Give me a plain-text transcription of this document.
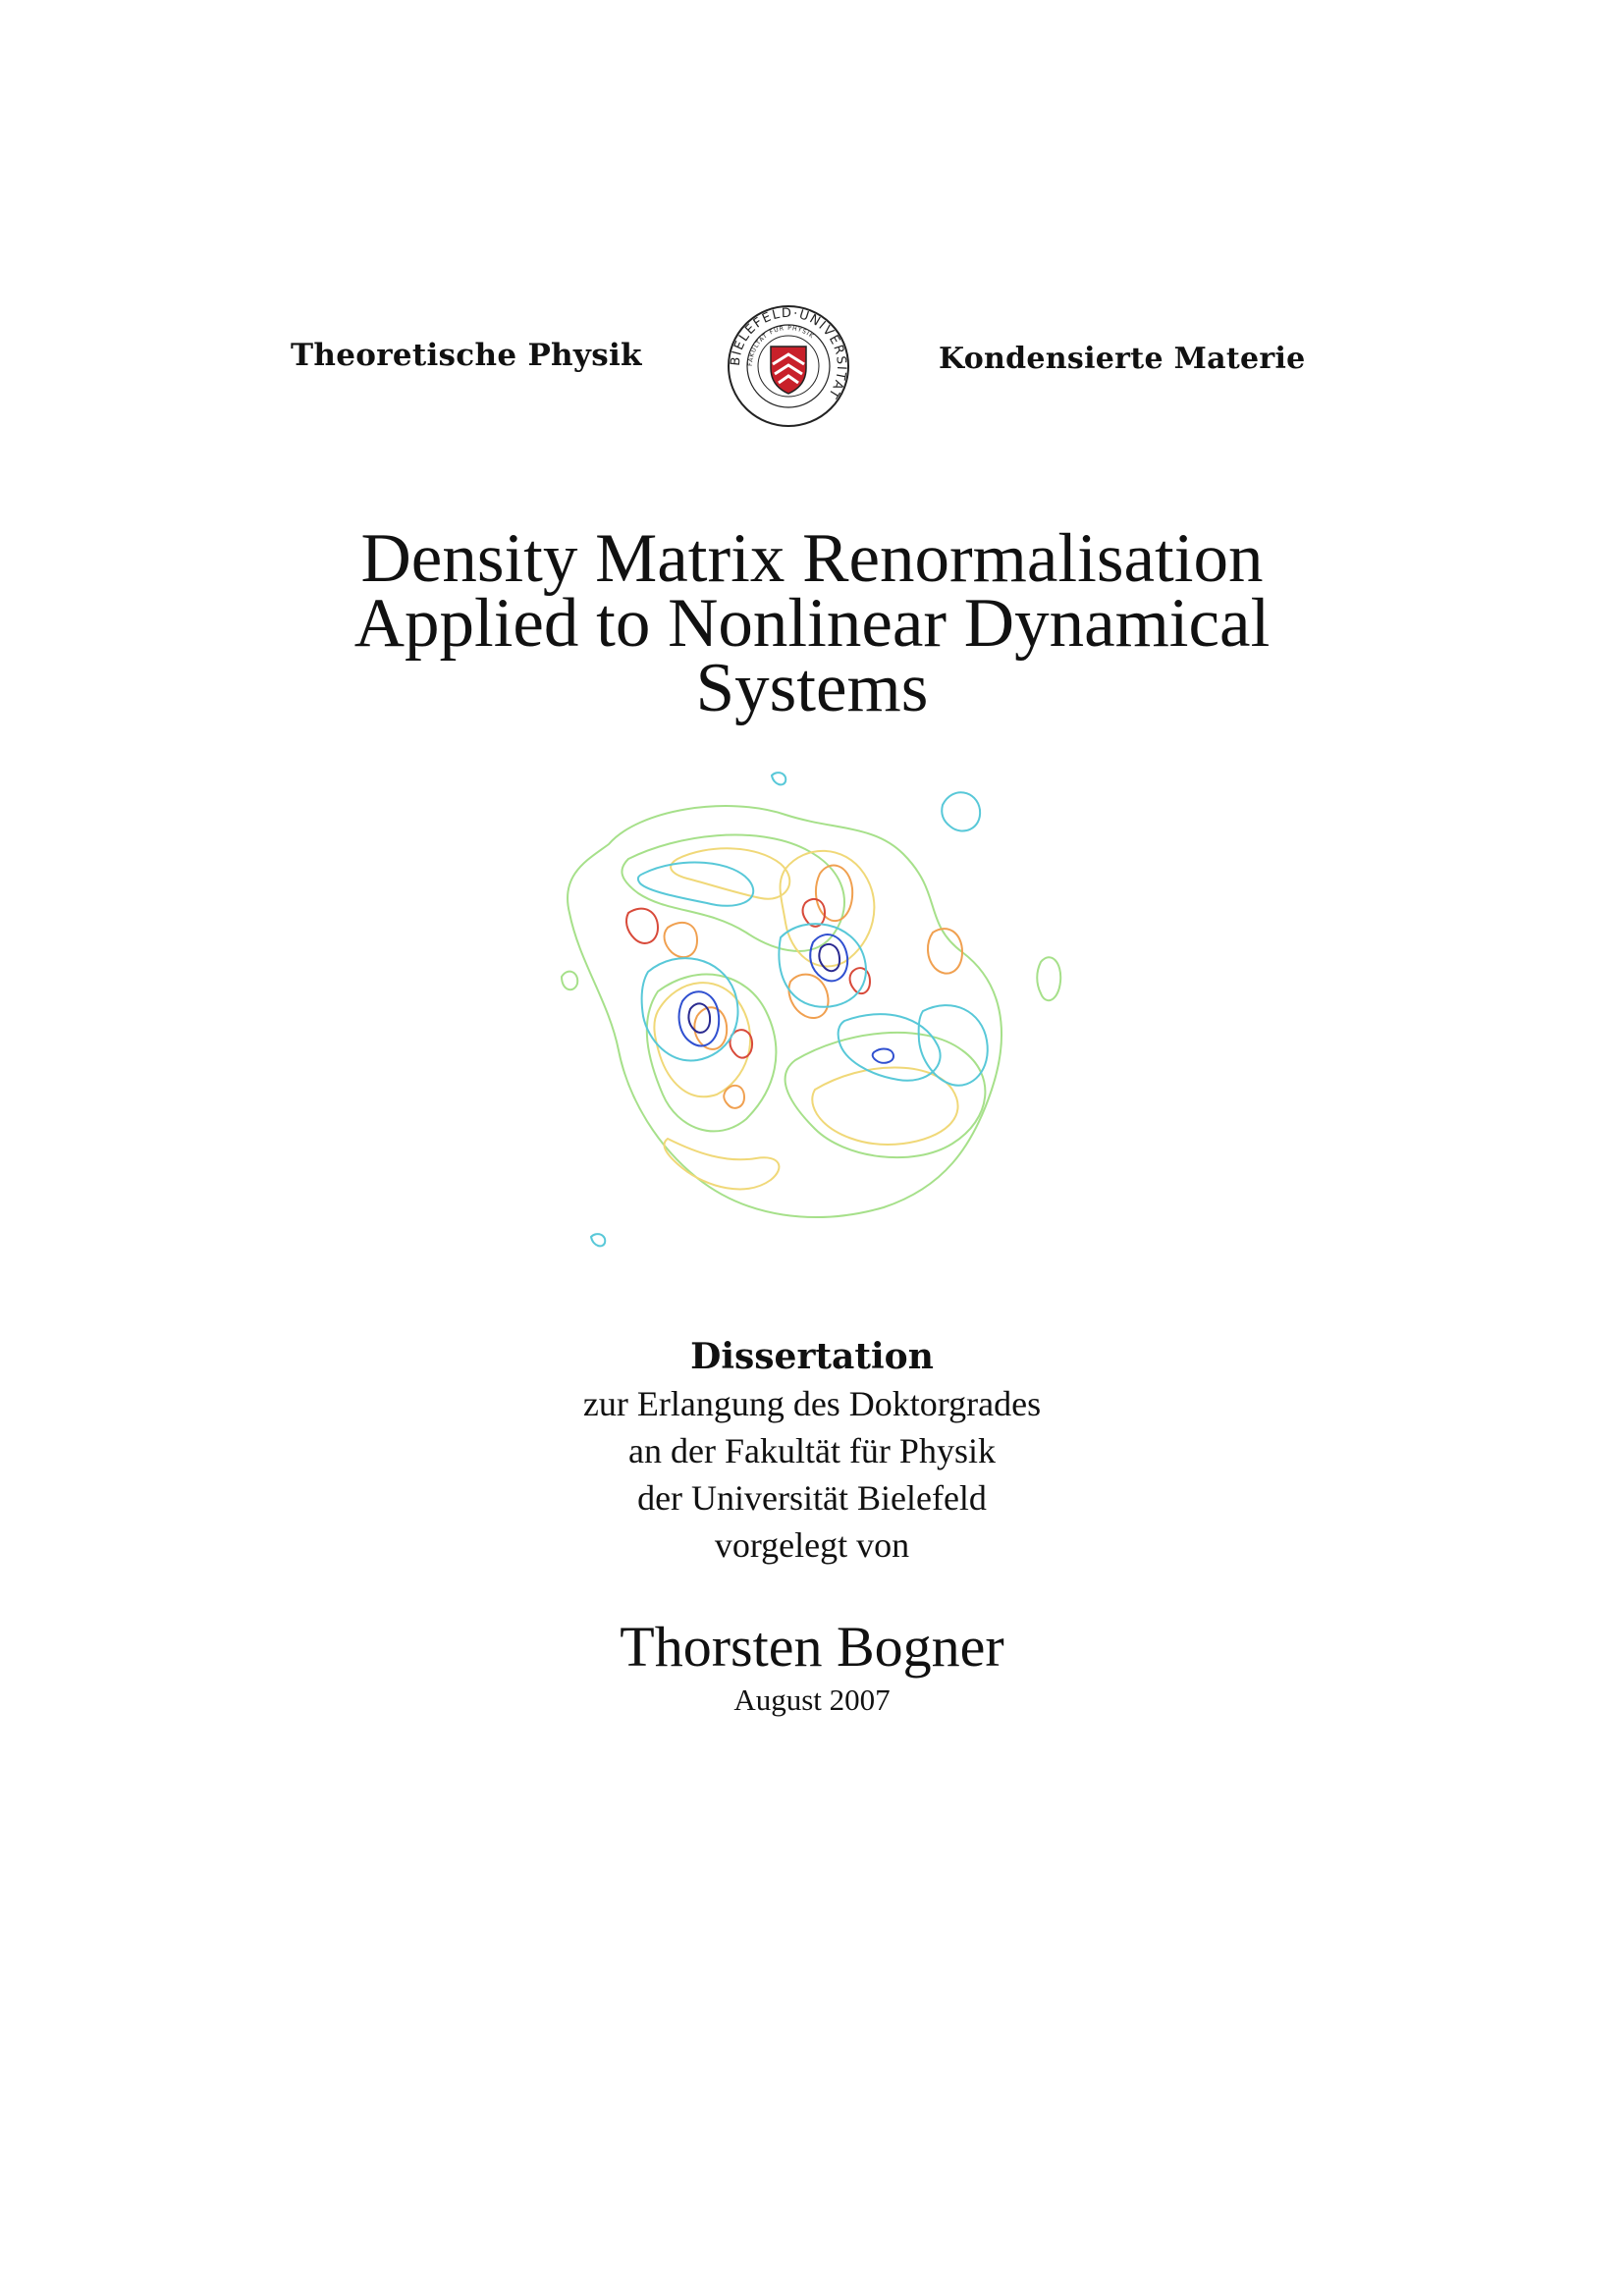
Theoretische Physik	BIELEFELD·UNIVERSITÄT
FAKULTÄT FÜR PHYSIK
Kondensierte Materie
Density Matrix Renormalisation
Applied to Nonlinear Dynamical
Systems
Dissertation
zur Erlangung des Doktorgrades
an der Fakultät für Physik
der Universität Bielefeld
vorgelegt von
Thorsten Bogner
August 2007
